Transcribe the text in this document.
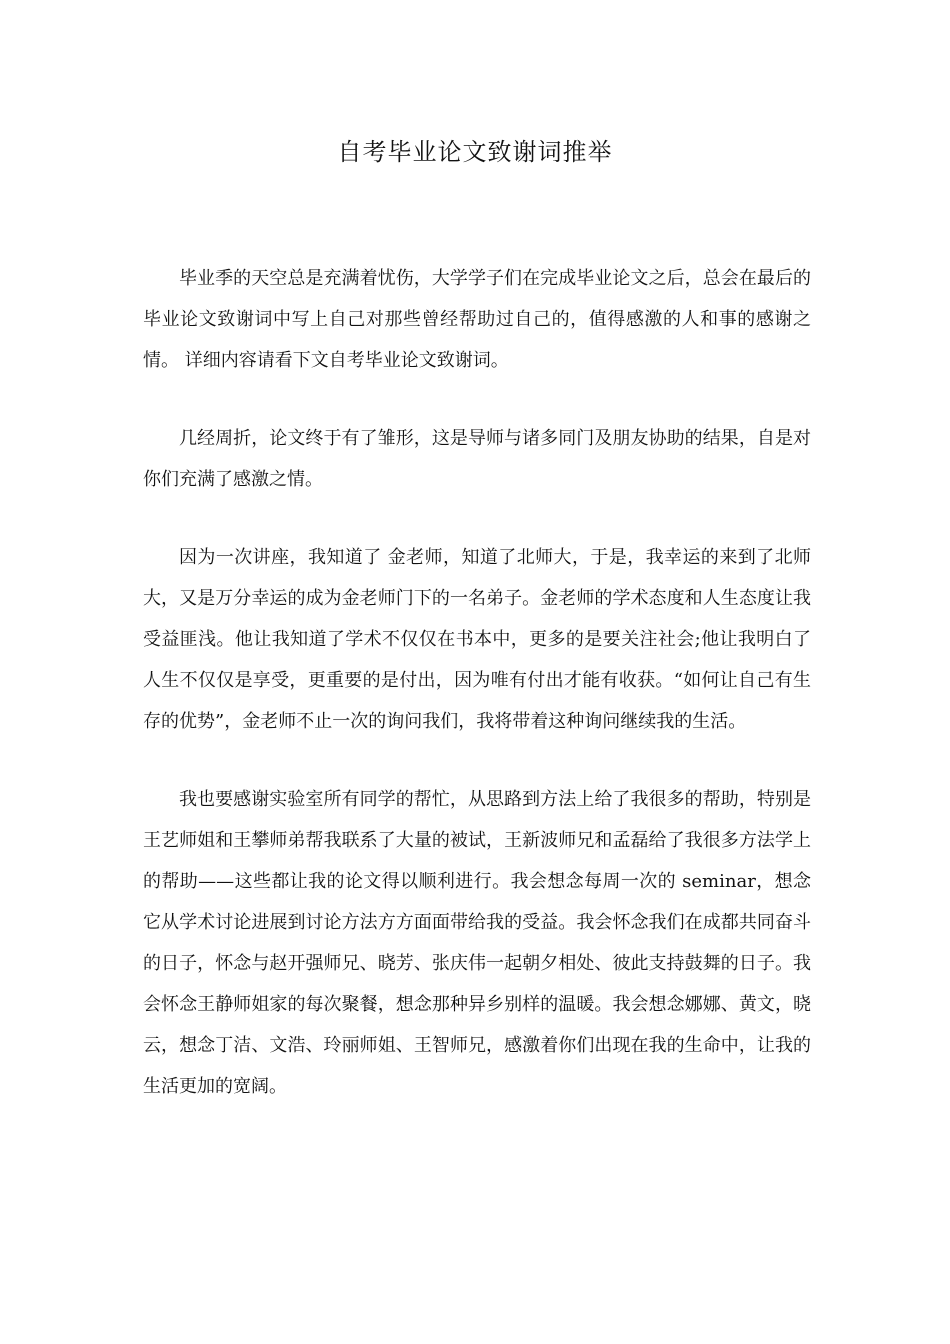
自考毕业论文致谢词推举

毕业季的天空总是充满着忧伤，大学学子们在完成毕业论文之后，总会在最后的毕业论文致谢词中写上自己对那些曾经帮助过自己的，值得感激的人和事的感谢之情。 详细内容请看下文自考毕业论文致谢词。

几经周折，论文终于有了雏形，这是导师与诸多同门及朋友协助的结果，自是对你们充满了感激之情。

因为一次讲座，我知道了 金老师，知道了北师大，于是，我幸运的来到了北师大，又是万分幸运的成为金老师门下的一名弟子。金老师的学术态度和人生态度让我受益匪浅。他让我知道了学术不仅仅在书本中，更多的是要关注社会;他让我明白了人生不仅仅是享受，更重要的是付出，因为唯有付出才能有收获。“如何让自己有生存的优势”，金老师不止一次的询问我们，我将带着这种询问继续我的生活。

我也要感谢实验室所有同学的帮忙，从思路到方法上给了我很多的帮助，特别是王艺师姐和王攀师弟帮我联系了大量的被试，王新波师兄和孟磊给了我很多方法学上的帮助——这些都让我的论文得以顺利进行。我会想念每周一次的 seminar，想念它从学术讨论进展到讨论方法方方面面带给我的受益。我会怀念我们在成都共同奋斗的日子，怀念与赵开强师兄、晓芳、张庆伟一起朝夕相处、彼此支持鼓舞的日子。我会怀念王静师姐家的每次聚餐，想念那种异乡别样的温暖。我会想念娜娜、黄文，晓云，想念丁洁、文浩、玲丽师姐、王智师兄，感激着你们出现在我的生命中，让我的生活更加的宽阔。
